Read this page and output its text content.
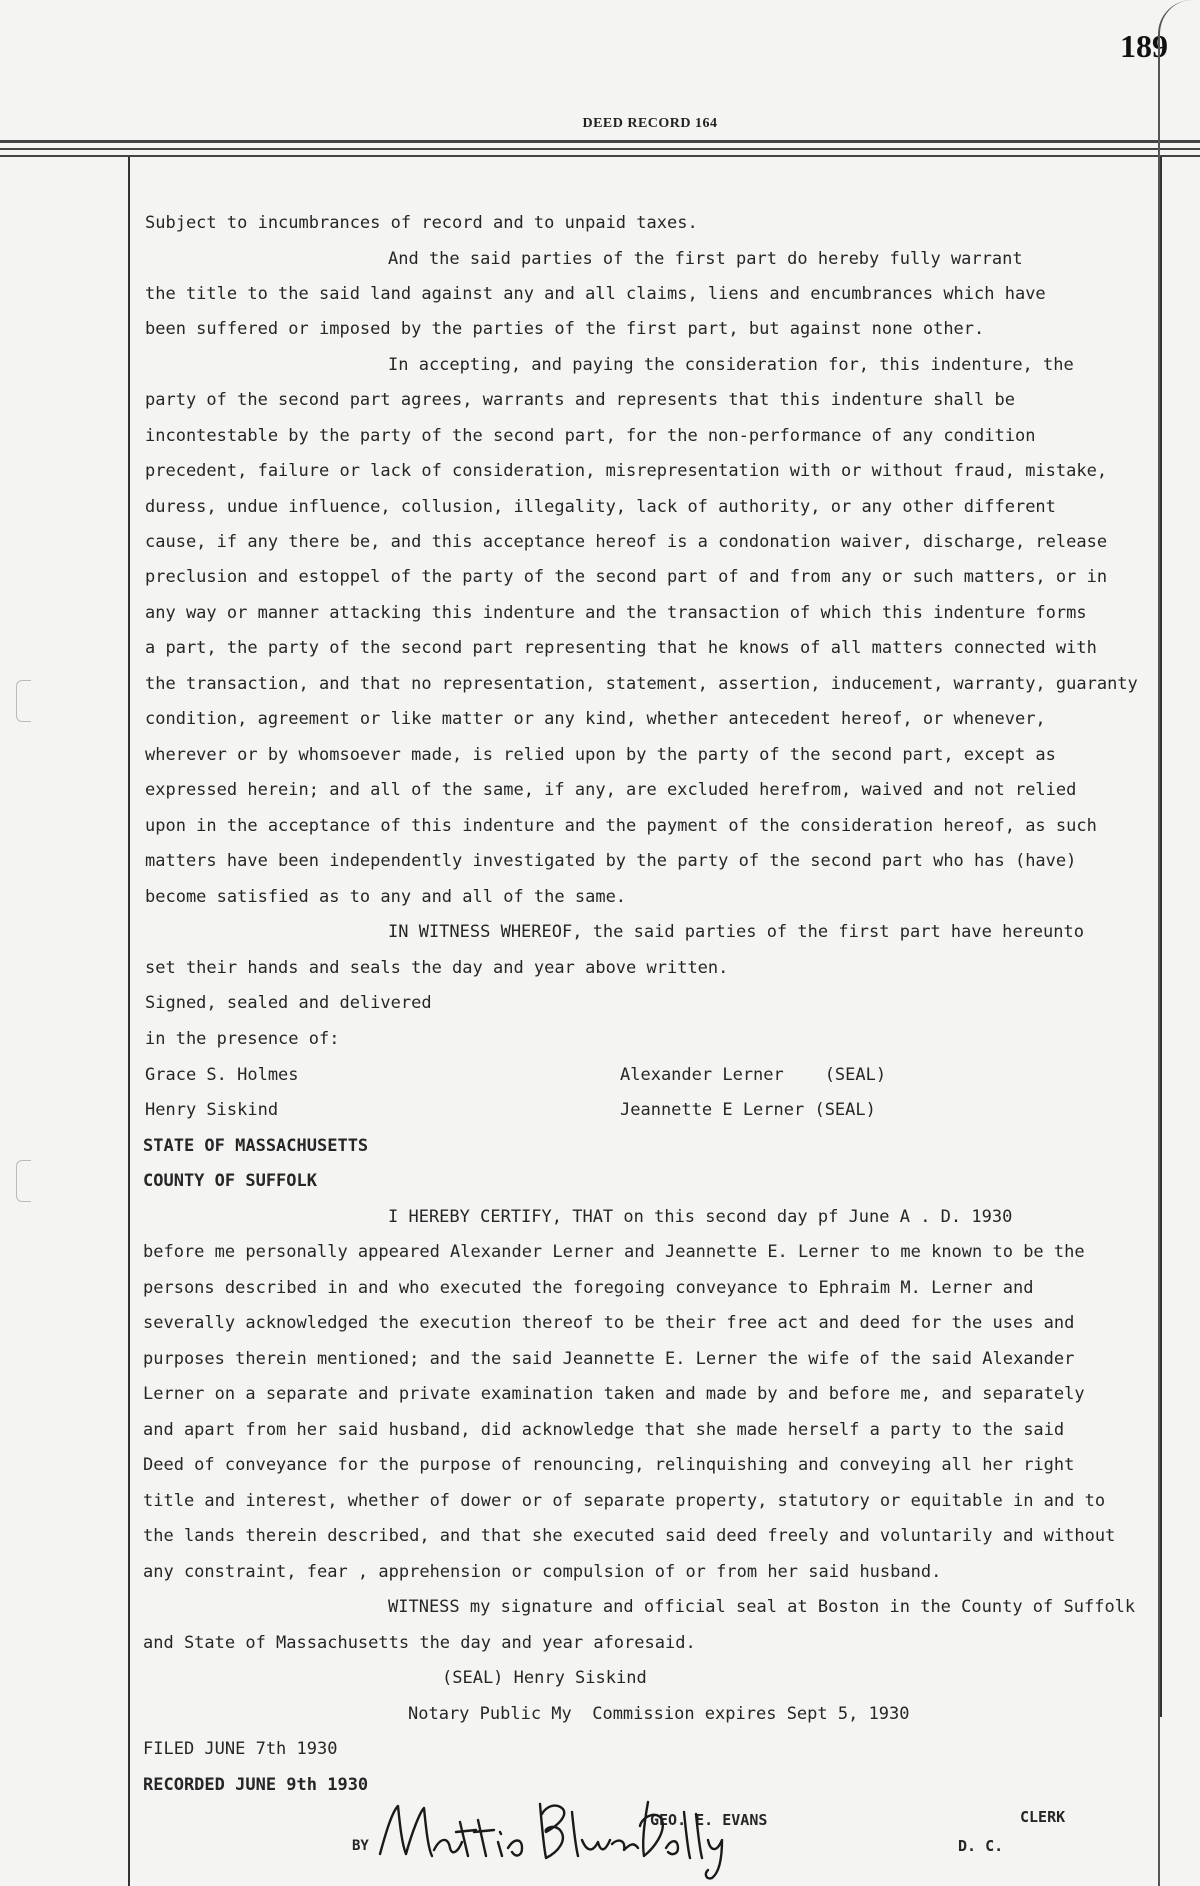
189
DEED RECORD 164
Subject to incumbrances of record and to unpaid taxes.
And the said parties of the first part do hereby fully warrant
the title to the said land against any and all claims, liens and encumbrances which have
been suffered or imposed by the parties of the first part, but against none other.
In accepting, and paying the consideration for, this indenture, the
party of the second part agrees, warrants and represents that this indenture shall be
incontestable by the party of the second part, for the non-performance of any condition
precedent, failure or lack of consideration, misrepresentation with or without fraud, mistake,
duress, undue influence, collusion, illegality, lack of authority, or any other different
cause, if any there be, and this acceptance hereof is a condonation waiver, discharge, release
preclusion and estoppel of the party of the second part of and from any or such matters, or in
any way or manner attacking this indenture and the transaction of which this indenture forms
a part, the party of the second part representing that he knows of all matters connected with
the transaction, and that no representation, statement, assertion, inducement, warranty, guaranty
condition, agreement or like matter or any kind, whether antecedent hereof, or whenever,
wherever or by whomsoever made, is relied upon by the party of the second part, except as
expressed herein; and all of the same, if any, are excluded herefrom, waived and not relied
upon in the acceptance of this indenture and the payment of the consideration hereof, as such
matters have been independently investigated by the party of the second part who has (have)
become satisfied as to any and all of the same.
IN WITNESS WHEREOF, the said parties of the first part have hereunto
set their hands and seals the day and year above written.
Signed, sealed and delivered
in the presence of:
Grace S. Holmes	Alexander Lerner    (SEAL)
Henry Siskind	Jeannette E Lerner (SEAL)
STATE OF MASSACHUSETTS
COUNTY OF SUFFOLK
I HEREBY CERTIFY, THAT on this second day pf June A . D. 1930
before me personally appeared Alexander Lerner and Jeannette E. Lerner to me known to be the
persons described in and who executed the foregoing conveyance to Ephraim M. Lerner and
severally acknowledged the execution thereof to be their free act and deed for the uses and
purposes therein mentioned; and the said Jeannette E. Lerner the wife of the said Alexander
Lerner on a separate and private examination taken and made by and before me, and separately
and apart from her said husband, did acknowledge that she made herself a party to the said
Deed of conveyance for the purpose of renouncing, relinquishing and conveying all her right
title and interest, whether of dower or of separate property, statutory or equitable in and to
the lands therein described, and that she executed said deed freely and voluntarily and without
any constraint, fear , apprehension or compulsion of or from her said husband.
WITNESS my signature and official seal at Boston in the County of Suffolk
and State of Massachusetts the day and year aforesaid.
(SEAL) Henry Siskind
Notary Public My  Commission expires Sept 5, 1930
FILED JUNE 7th 1930
RECORDED JUNE 9th 1930
BY
GEO. E. EVANS	CLERK
D. C.
